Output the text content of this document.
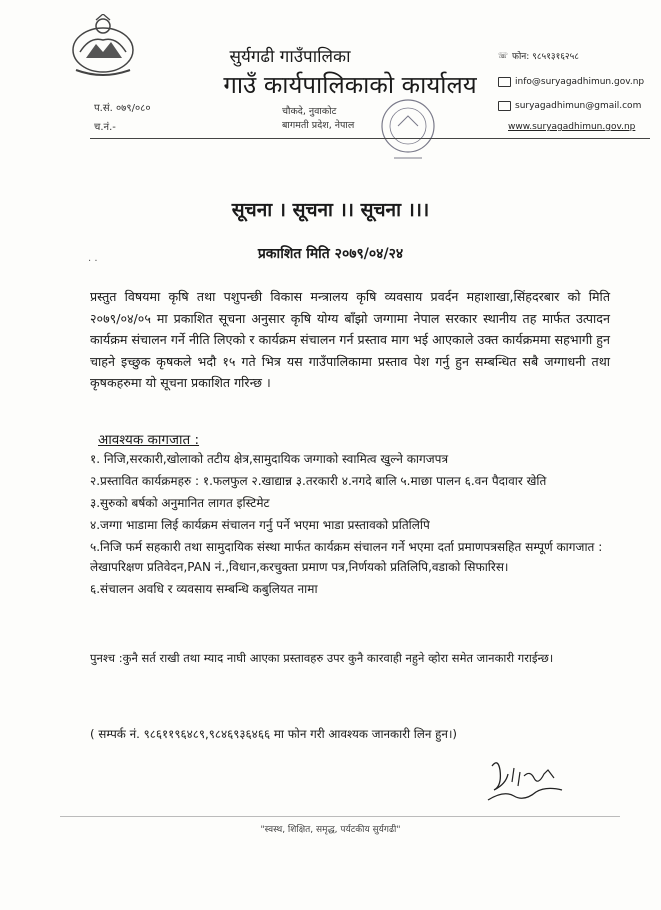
सुर्यगढी गाउँपालिका
गाउँ कार्यपालिकाको कार्यालय
चौकदे, नुवाकोट
बागमती प्रदेश, नेपाल
प.सं. ०७९/०८०
च.नं.-
☏ फोन: ९८५१३१६२५८
info@suryagadhimun.gov.np
suryagadhimun@gmail.com
www.suryagadhimun.gov.np
सूचना । सूचना ।। सूचना ।।।
प्रकाशित मिति २०७९/०४/२४
· ·
प्रस्तुत विषयमा कृषि तथा पशुपन्छी विकास मन्त्रालय कृषि व्यवसाय प्रवर्दन महाशाखा,सिंहदरबार को मिति २०७९/०४/०५ मा प्रकाशित सूचना अनुसार कृषि योग्य बाँझो जग्गामा नेपाल सरकार स्थानीय तह मार्फत उत्पादन कार्यक्रम संचालन गर्ने नीति लिएको र कार्यक्रम संचालन गर्न प्रस्ताव माग भई आएकाले उक्त कार्यक्रममा सहभागी हुन चाहने इच्छुक कृषकले भदौ १५ गते भित्र यस गाउँपालिकामा प्रस्ताव पेश गर्नु हुन सम्बन्धित सबै जग्गाधनी तथा कृषकहरुमा यो सूचना प्रकाशित गरिन्छ ।
आवश्यक कागजात :

१. निजि,सरकारी,खोलाको तटीय क्षेत्र,सामुदायिक जग्गाको स्वामित्व खुल्ने कागजपत्र

२.प्रस्तावित कार्यक्रमहरु : १.फलफुल २.खाद्यान्न ३.तरकारी ४.नगदे बालि ५.माछा पालन ६.वन पैदावार खेति

३.सुरुको बर्षको अनुमानित लागत इस्टिमेट

४.जग्गा भाडामा लिई कार्यक्रम संचालन गर्नु पर्ने भएमा भाडा प्रस्तावको प्रतिलिपि

५.निजि फर्म सहकारी तथा सामुदायिक संस्था मार्फत कार्यक्रम संचालन गर्ने भएमा दर्ता प्रमाणपत्रसहित सम्पूर्ण कागजात : लेखापरिक्षण प्रतिवेदन,PAN नं.,विधान,करचुक्ता प्रमाण पत्र,निर्णयको प्रतिलिपि,वडाको सिफारिस।

६.संचालन अवधि र व्यवसाय सम्बन्धि कबुलियत नामा

पुनश्च :कुनै सर्त राखी तथा म्याद नाघी आएका प्रस्तावहरु उपर कुनै कारवाही नहुने व्होरा समेत जानकारी गराईन्छ।
( सम्पर्क नं. ९८६११९६४८९,९८४६९३६४६६ मा फोन गरी आवश्यक जानकारी लिन हुन।)
"स्वस्थ, शिक्षित, समृद्ध, पर्यटकीय सुर्यगढी"
